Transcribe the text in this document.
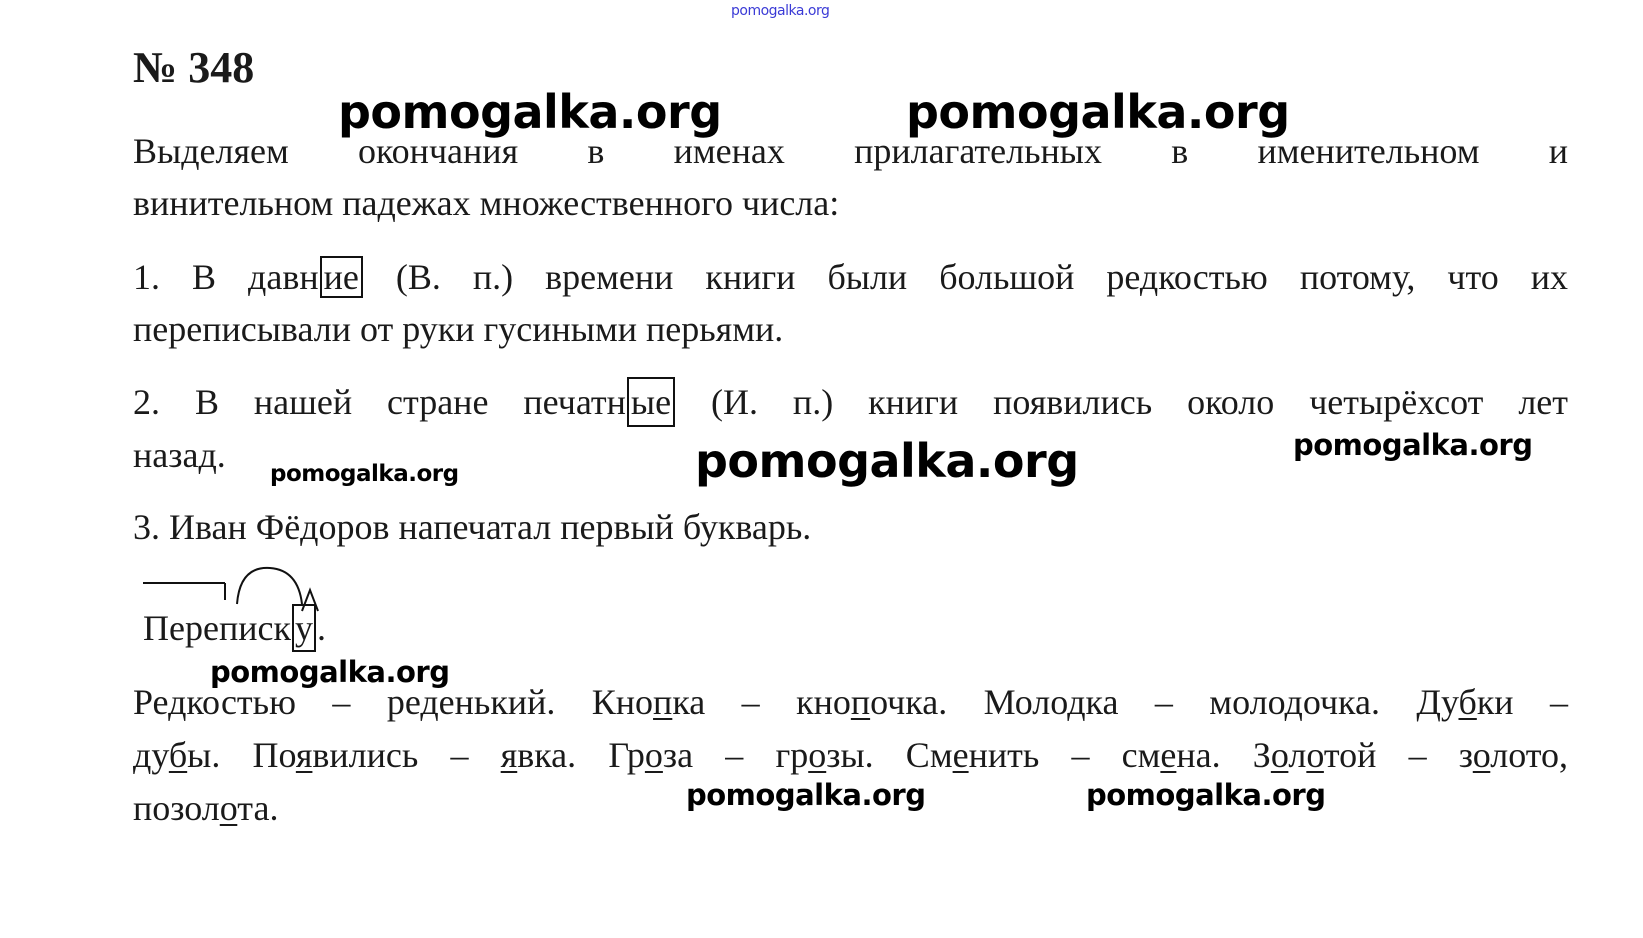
pomogalka.org
№ 348
pomogalka.org	pomogalka.org
Выделяем окончания в именах прилагательных в именительном и
винительном падежах множественного числа:
1. В давн ие (В. п.) времени книги были большой редкостью потому, что их
переписывали от руки гусиными перьями.
2. В нашей стране печатн ые (И. п.) книги появились около четырёхсот лет
назад.	pomogalka.org	pomogalka.org	pomogalka.org
3. Иван Фёдоров напечатал первый букварь.
Переписк у .
pomogalka.org
Редкостью – реденький. Кнопка – кнопочка. Молодка – молодочка. Дубки –
дубы. Появились – явка. Гроза – грозы. Сменить – смена. Золотой – золото,
позолота.	pomogalka.org	pomogalka.org
